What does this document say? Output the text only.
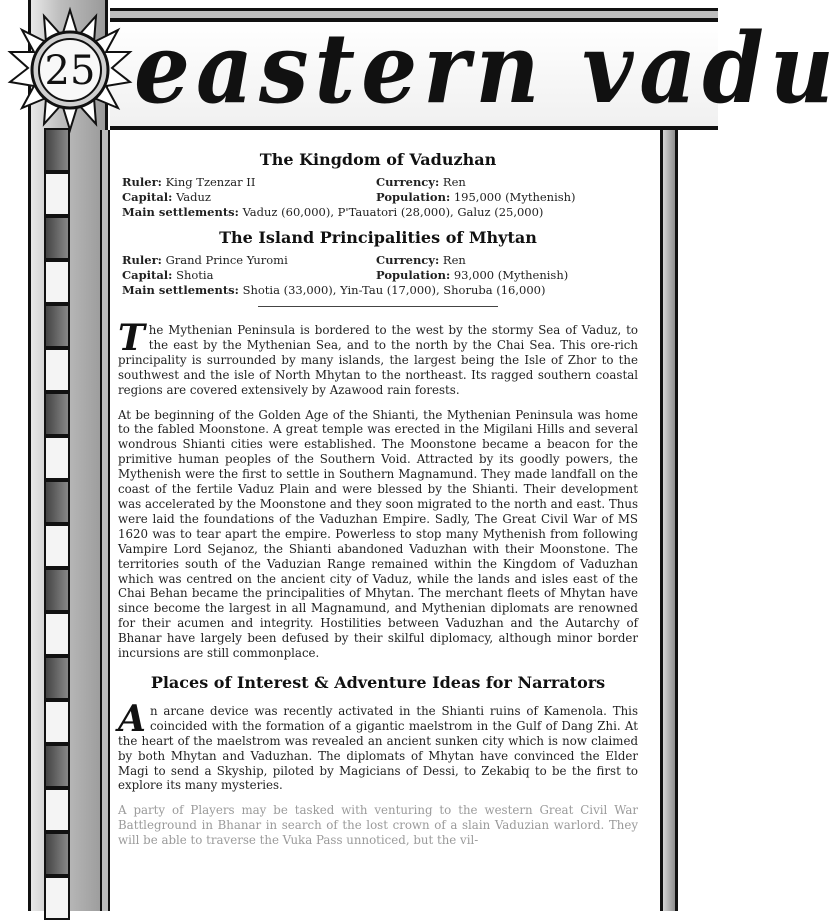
eastern vadu
25
The Kingdom of Vaduzhan
Ruler: King Tzenzar II	Currency: Ren
Capital: Vaduz	Population: 195,000 (Mythenish)
Main settlements: Vaduz (60,000), P'Tauatori (28,000), Galuz (25,000)
The Island Principalities of Mhytan
Ruler: Grand Prince Yuromi	Currency: Ren
Capital: Shotia	Population: 93,000 (Mythenish)
Main settlements: Shotia (33,000), Yin-Tau (17,000), Shoruba (16,000)

The Mythenian Peninsula is bordered to the west by the stormy Sea of Vaduz, to the east by the Mythenian Sea, and to the north by the Chai Sea. This ore-rich principality is surrounded by many islands, the largest being the Isle of Zhor to the southwest and the isle of North Mhytan to the northeast. Its ragged southern coastal regions are covered extensively by Azawood rain forests.

At be beginning of the Golden Age of the Shianti, the Mythenian Peninsula was home to the fabled Moonstone. A great temple was erected in the Migilani Hills and several wondrous Shianti cities were established. The Moonstone became a beacon for the primitive human peoples of the Southern Void. Attracted by its goodly powers, the Mythenish were the first to settle in Southern Magnamund. They made landfall on the coast of the fertile Vaduz Plain and were blessed by the Shianti. Their development was accelerated by the Moonstone and they soon migrated to the north and east. Thus were laid the foundations of the Vaduzhan Empire. Sadly, The Great Civil War of MS 1620 was to tear apart the empire. Powerless to stop many Mythenish from following Vampire Lord Sejanoz, the Shianti abandoned Vaduzhan with their Moonstone. The territories south of the Vaduzian Range remained within the Kingdom of Vaduzhan which was centred on the ancient city of Vaduz, while the lands and isles east of the Chai Behan became the principalities of Mhytan. The merchant fleets of Mhytan have since become the largest in all Magnamund, and Mythenian diplomats are renowned for their acumen and integrity. Hostilities between Vaduzhan and the Autarchy of Bhanar have largely been defused by their skilful diplomacy, although minor border incursions are still commonplace.

Places of Interest & Adventure Ideas for Narrators

An arcane device was recently activated in the Shianti ruins of Kamenola. This coincided with the formation of a gigantic maelstrom in the Gulf of Dang Zhi. At the heart of the maelstrom was revealed an ancient sunken city which is now claimed by both Mhytan and Vaduzhan. The diplomats of Mhytan have convinced the Elder Magi to send a Skyship, piloted by Magicians of Dessi, to Zekabiq to be the first to explore its many mysteries.

A party of Players may be tasked with venturing to the western Great Civil War Battleground in Bhanar in search of the lost crown of a slain Vaduzian warlord. They will be able to traverse the Vuka Pass unnoticed, but the vil-
